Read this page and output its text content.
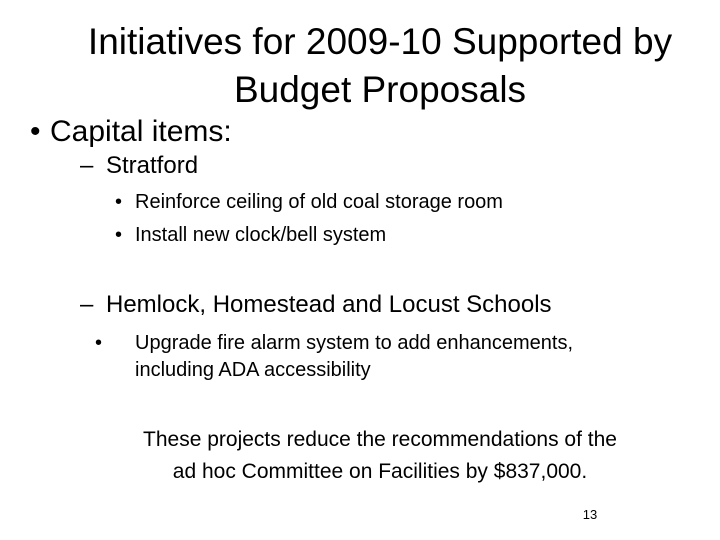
Initiatives for 2009-10 Supported by
Budget Proposals
• Capital items:
– Stratford
• Reinforce ceiling of old coal storage room
• Install new clock/bell system
– Hemlock, Homestead and Locust Schools
• Upgrade fire alarm system to add enhancements,
including ADA accessibility
These projects reduce the recommendations of the
ad hoc Committee on Facilities by $837,000.
13
